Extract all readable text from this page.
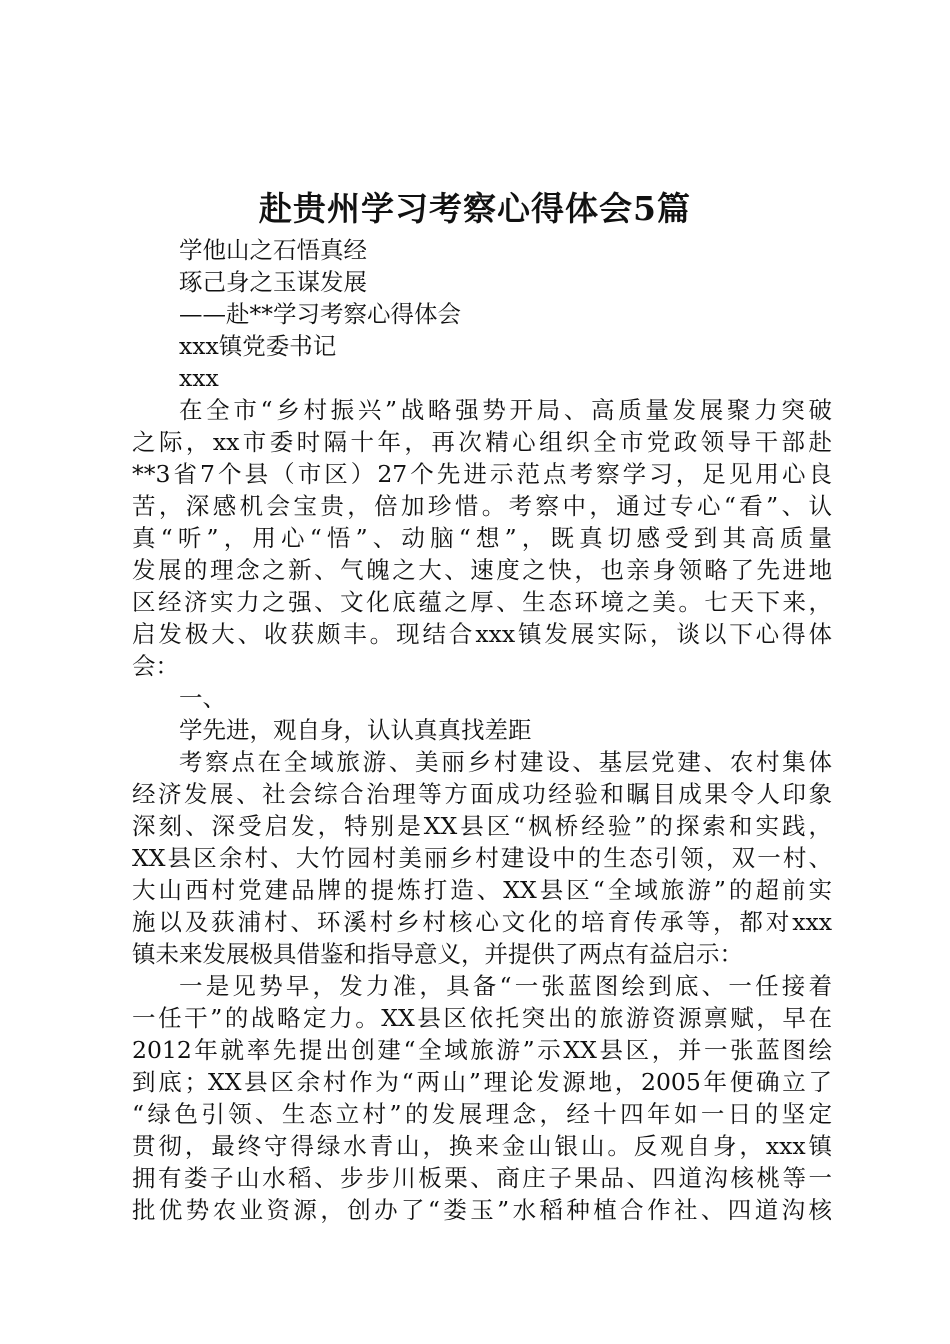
赴贵州学习考察心得体会5篇
学他山之石悟真经
琢己身之玉谋发展
——赴**学习考察心得体会
xxx镇党委书记
xxx
在全市“乡村振兴”战略强势开局、高质量发展聚力突破
之际，xx市委时隔十年，再次精心组织全市党政领导干部赴
**3省7个县（市区）27个先进示范点考察学习，足见用心良
苦，深感机会宝贵，倍加珍惜。考察中，通过专心“看”、认
真“听”，用心“悟”、动脑“想”，既真切感受到其高质量
发展的理念之新、气魄之大、速度之快，也亲身领略了先进地
区经济实力之强、文化底蕴之厚、生态环境之美。七天下来，
启发极大、收获颇丰。现结合xxx镇发展实际，谈以下心得体
会：
一、
学先进，观自身，认认真真找差距
考察点在全域旅游、美丽乡村建设、基层党建、农村集体
经济发展、社会综合治理等方面成功经验和瞩目成果令人印象
深刻、深受启发，特别是XX县区“枫桥经验”的探索和实践，
XX县区余村、大竹园村美丽乡村建设中的生态引领，双一村、
大山西村党建品牌的提炼打造、XX县区“全域旅游”的超前实
施以及荻浦村、环溪村乡村核心文化的培育传承等，都对xxx
镇未来发展极具借鉴和指导意义，并提供了两点有益启示：
一是见势早，发力准，具备“一张蓝图绘到底、一任接着
一任干”的战略定力。XX县区依托突出的旅游资源禀赋，早在
2012年就率先提出创建“全域旅游”示XX县区，并一张蓝图绘
到底；XX县区余村作为“两山”理论发源地，2005年便确立了
“绿色引领、生态立村”的发展理念，经十四年如一日的坚定
贯彻，最终守得绿水青山，换来金山银山。反观自身，xxx镇
拥有娄子山水稻、步步川板栗、商庄子果品、四道沟核桃等一
批优势农业资源，创办了“娄玉”水稻种植合作社、四道沟核
